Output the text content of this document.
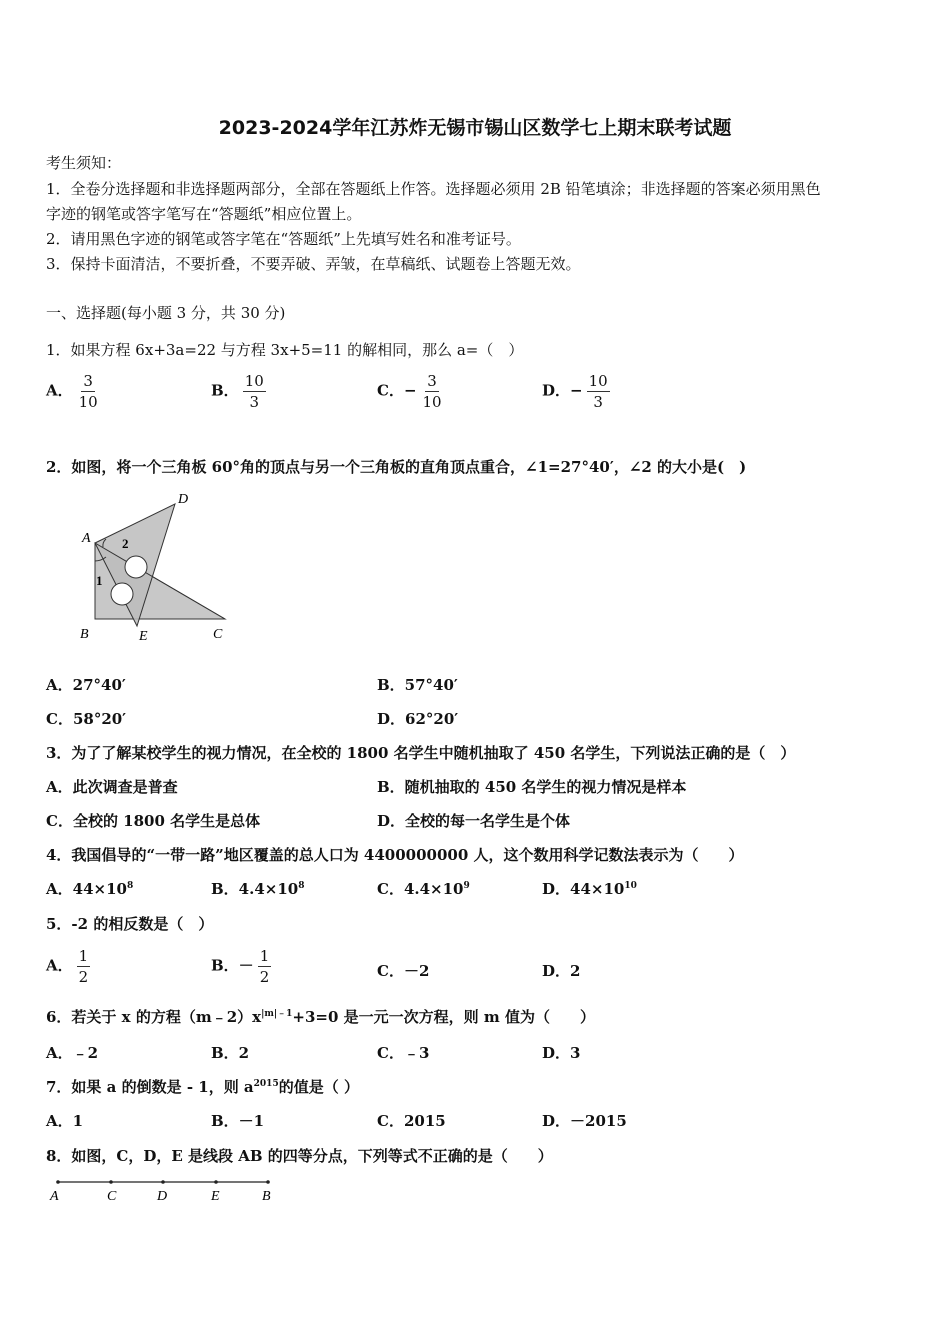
2023-2024学年江苏炸无锡市锡山区数学七上期末联考试题
考生须知：
1．全卷分选择题和非选择题两部分，全部在答题纸上作答。选择题必须用 2B 铅笔填涂；非选择题的答案必须用黑色
字迹的钢笔或答字笔写在“答题纸”相应位置上。
2．请用黑色字迹的钢笔或答字笔在“答题纸”上先填写姓名和准考证号。
3．保持卡面清洁，不要折叠，不要弄破、弄皱，在草稿纸、试题卷上答题无效。
一、选择题(每小题 3 分，共 30 分)
1．如果方程 6x+3a=22 与方程 3x+5=11 的解相同，那么 a=（　）
A． $\frac{3}{10}$	B． $\frac{10}{3}$	C．− $\frac{3}{10}$	D．− $\frac{10}{3}$
2．如图，将一个三角板 60°角的顶点与另一个三角板的直角顶点重合，∠1=27°40′，∠2 的大小是(　)
A
B	C
D
E
1
2
A．27°40′	B．57°40′
C．58°20′	D．62°20′
3．为了了解某校学生的视力情况，在全校的 1800 名学生中随机抽取了 450 名学生，下列说法正确的是（　）
A．此次调查是普查	B．随机抽取的 450 名学生的视力情况是样本
C．全校的 1800 名学生是总体	D．全校的每一名学生是个体
4．我国倡导的“一带一路”地区覆盖的总人口为 4400000000 人，这个数用科学记数法表示为（　　）
A．$44\times 10^8$	B．$4.4\times 10^8$	C．$4.4\times 10^9$	D．$44\times 10^{10}$
5．-2 的相反数是（　）
A． $\frac{1}{2}$	B．－ $\frac{1}{2}$	C．－2	D．2
6．若关于 x 的方程$(m﹣2)x^{|m|﹣1}+3=0$ 是一元一次方程，则 m 值为（　　）
A．﹣2	B．2	C．﹣3	D．3
7．如果 a 的倒数是 - 1，则 $a^{2015}$的值是（ ）
A．1	B．－1	C．2015	D．－2015
8．如图，C，D，E 是线段 AB 的四等分点，下列等式不正确的是（　　）
A	C	D	E	B
